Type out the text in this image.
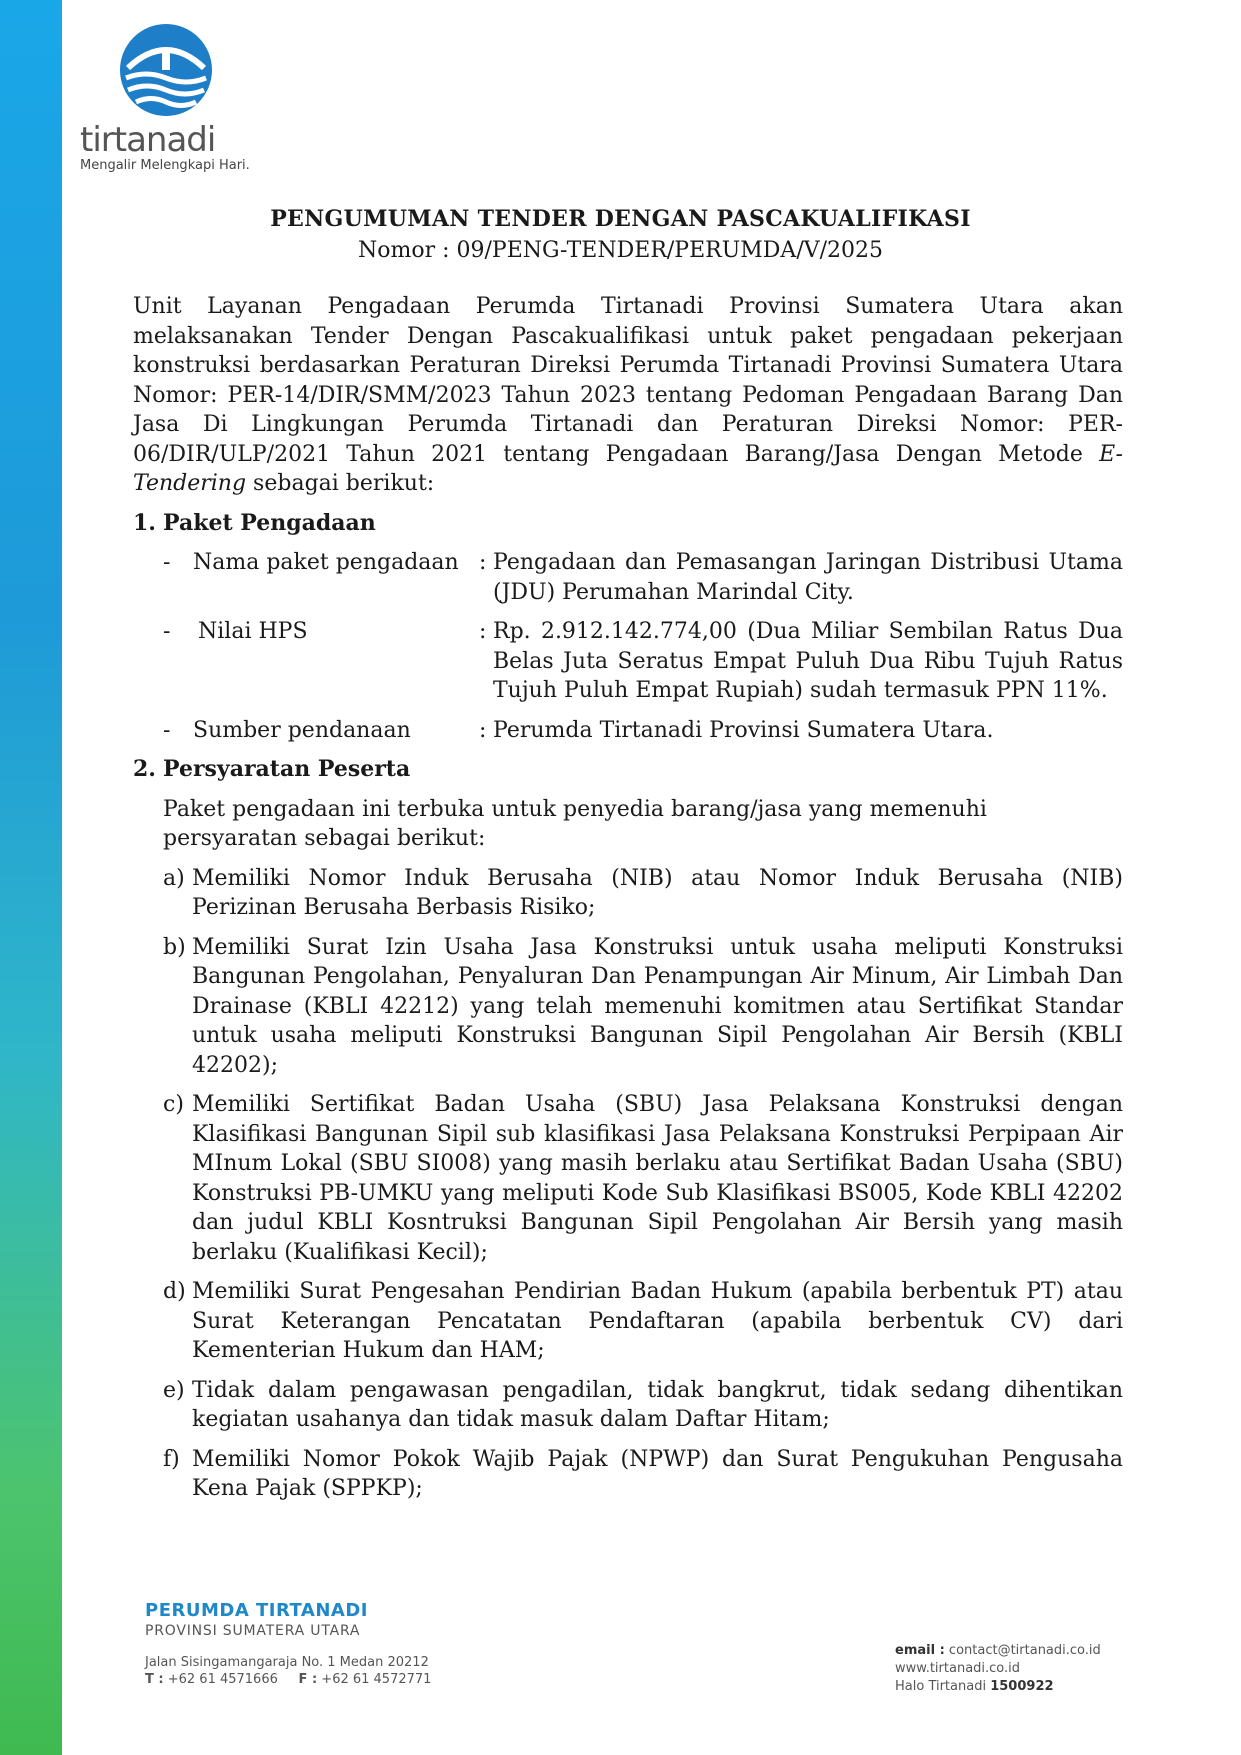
tirtanadi
Mengalir Melengkapi Hari.
PENGUMUMAN TENDER DENGAN PASCAKUALIFIKASI
Nomor : 09/PENG-TENDER/PERUMDA/V/2025

Unit Layanan Pengadaan Perumda Tirtanadi Provinsi Sumatera Utara akan melaksanakan Tender Dengan Pascakualifikasi untuk paket pengadaan pekerjaan konstruksi berdasarkan Peraturan Direksi Perumda Tirtanadi Provinsi Sumatera Utara Nomor: PER-14/DIR/SMM/2023 Tahun 2023 tentang Pedoman Pengadaan Barang Dan Jasa Di Lingkungan Perumda Tirtanadi dan Peraturan Direksi Nomor: PER-06/DIR/ULP/2021 Tahun 2021 tentang Pengadaan Barang/Jasa Dengan Metode E-Tendering sebagai berikut:

1. Paket Pengadaan
-	Nama paket pengadaan : Pengadaan dan Pemasangan Jaringan Distribusi Utama (JDU) Perumahan Marindal City.
-	Nilai HPS	: Rp. 2.912.142.774,00 (Dua Miliar Sembilan Ratus Dua Belas Juta Seratus Empat Puluh Dua Ribu Tujuh Ratus Tujuh Puluh Empat Rupiah) sudah termasuk PPN 11%.
-	Sumber pendanaan	: Perumda Tirtanadi Provinsi Sumatera Utara.
2. Persyaratan Peserta

Paket pengadaan ini terbuka untuk penyedia barang/jasa yang memenuhi persyaratan sebagai berikut:

a) Memiliki Nomor Induk Berusaha (NIB) atau Nomor Induk Berusaha (NIB) Perizinan Berusaha Berbasis Risiko;
b) Memiliki Surat Izin Usaha Jasa Konstruksi untuk usaha meliputi Konstruksi Bangunan Pengolahan, Penyaluran Dan Penampungan Air Minum, Air Limbah Dan Drainase (KBLI 42212) yang telah memenuhi komitmen atau Sertifikat Standar untuk usaha meliputi Konstruksi Bangunan Sipil Pengolahan Air Bersih (KBLI 42202);
c) Memiliki Sertifikat Badan Usaha (SBU) Jasa Pelaksana Konstruksi dengan Klasifikasi Bangunan Sipil sub klasifikasi Jasa Pelaksana Konstruksi Perpipaan Air MInum Lokal (SBU SI008) yang masih berlaku atau Sertifikat Badan Usaha (SBU) Konstruksi PB-UMKU yang meliputi Kode Sub Klasifikasi BS005, Kode KBLI 42202 dan judul KBLI Kosntruksi Bangunan Sipil Pengolahan Air Bersih yang masih berlaku (Kualifikasi Kecil);
d) Memiliki Surat Pengesahan Pendirian Badan Hukum (apabila berbentuk PT) atau Surat Keterangan Pencatatan Pendaftaran (apabila berbentuk CV) dari Kementerian Hukum dan HAM;
e) Tidak dalam pengawasan pengadilan, tidak bangkrut, tidak sedang dihentikan kegiatan usahanya dan tidak masuk dalam Daftar Hitam;
f) Memiliki Nomor Pokok Wajib Pajak (NPWP) dan Surat Pengukuhan Pengusaha Kena Pajak (SPPKP);
PERUMDA TIRTANADI
PROVINSI SUMATERA UTARA
Jalan Sisingamangaraja No. 1 Medan 20212
T : +62 61 4571666 F : +62 61 4572771
email : contact@tirtanadi.co.id
www.tirtanadi.co.id
Halo Tirtanadi 1500922
